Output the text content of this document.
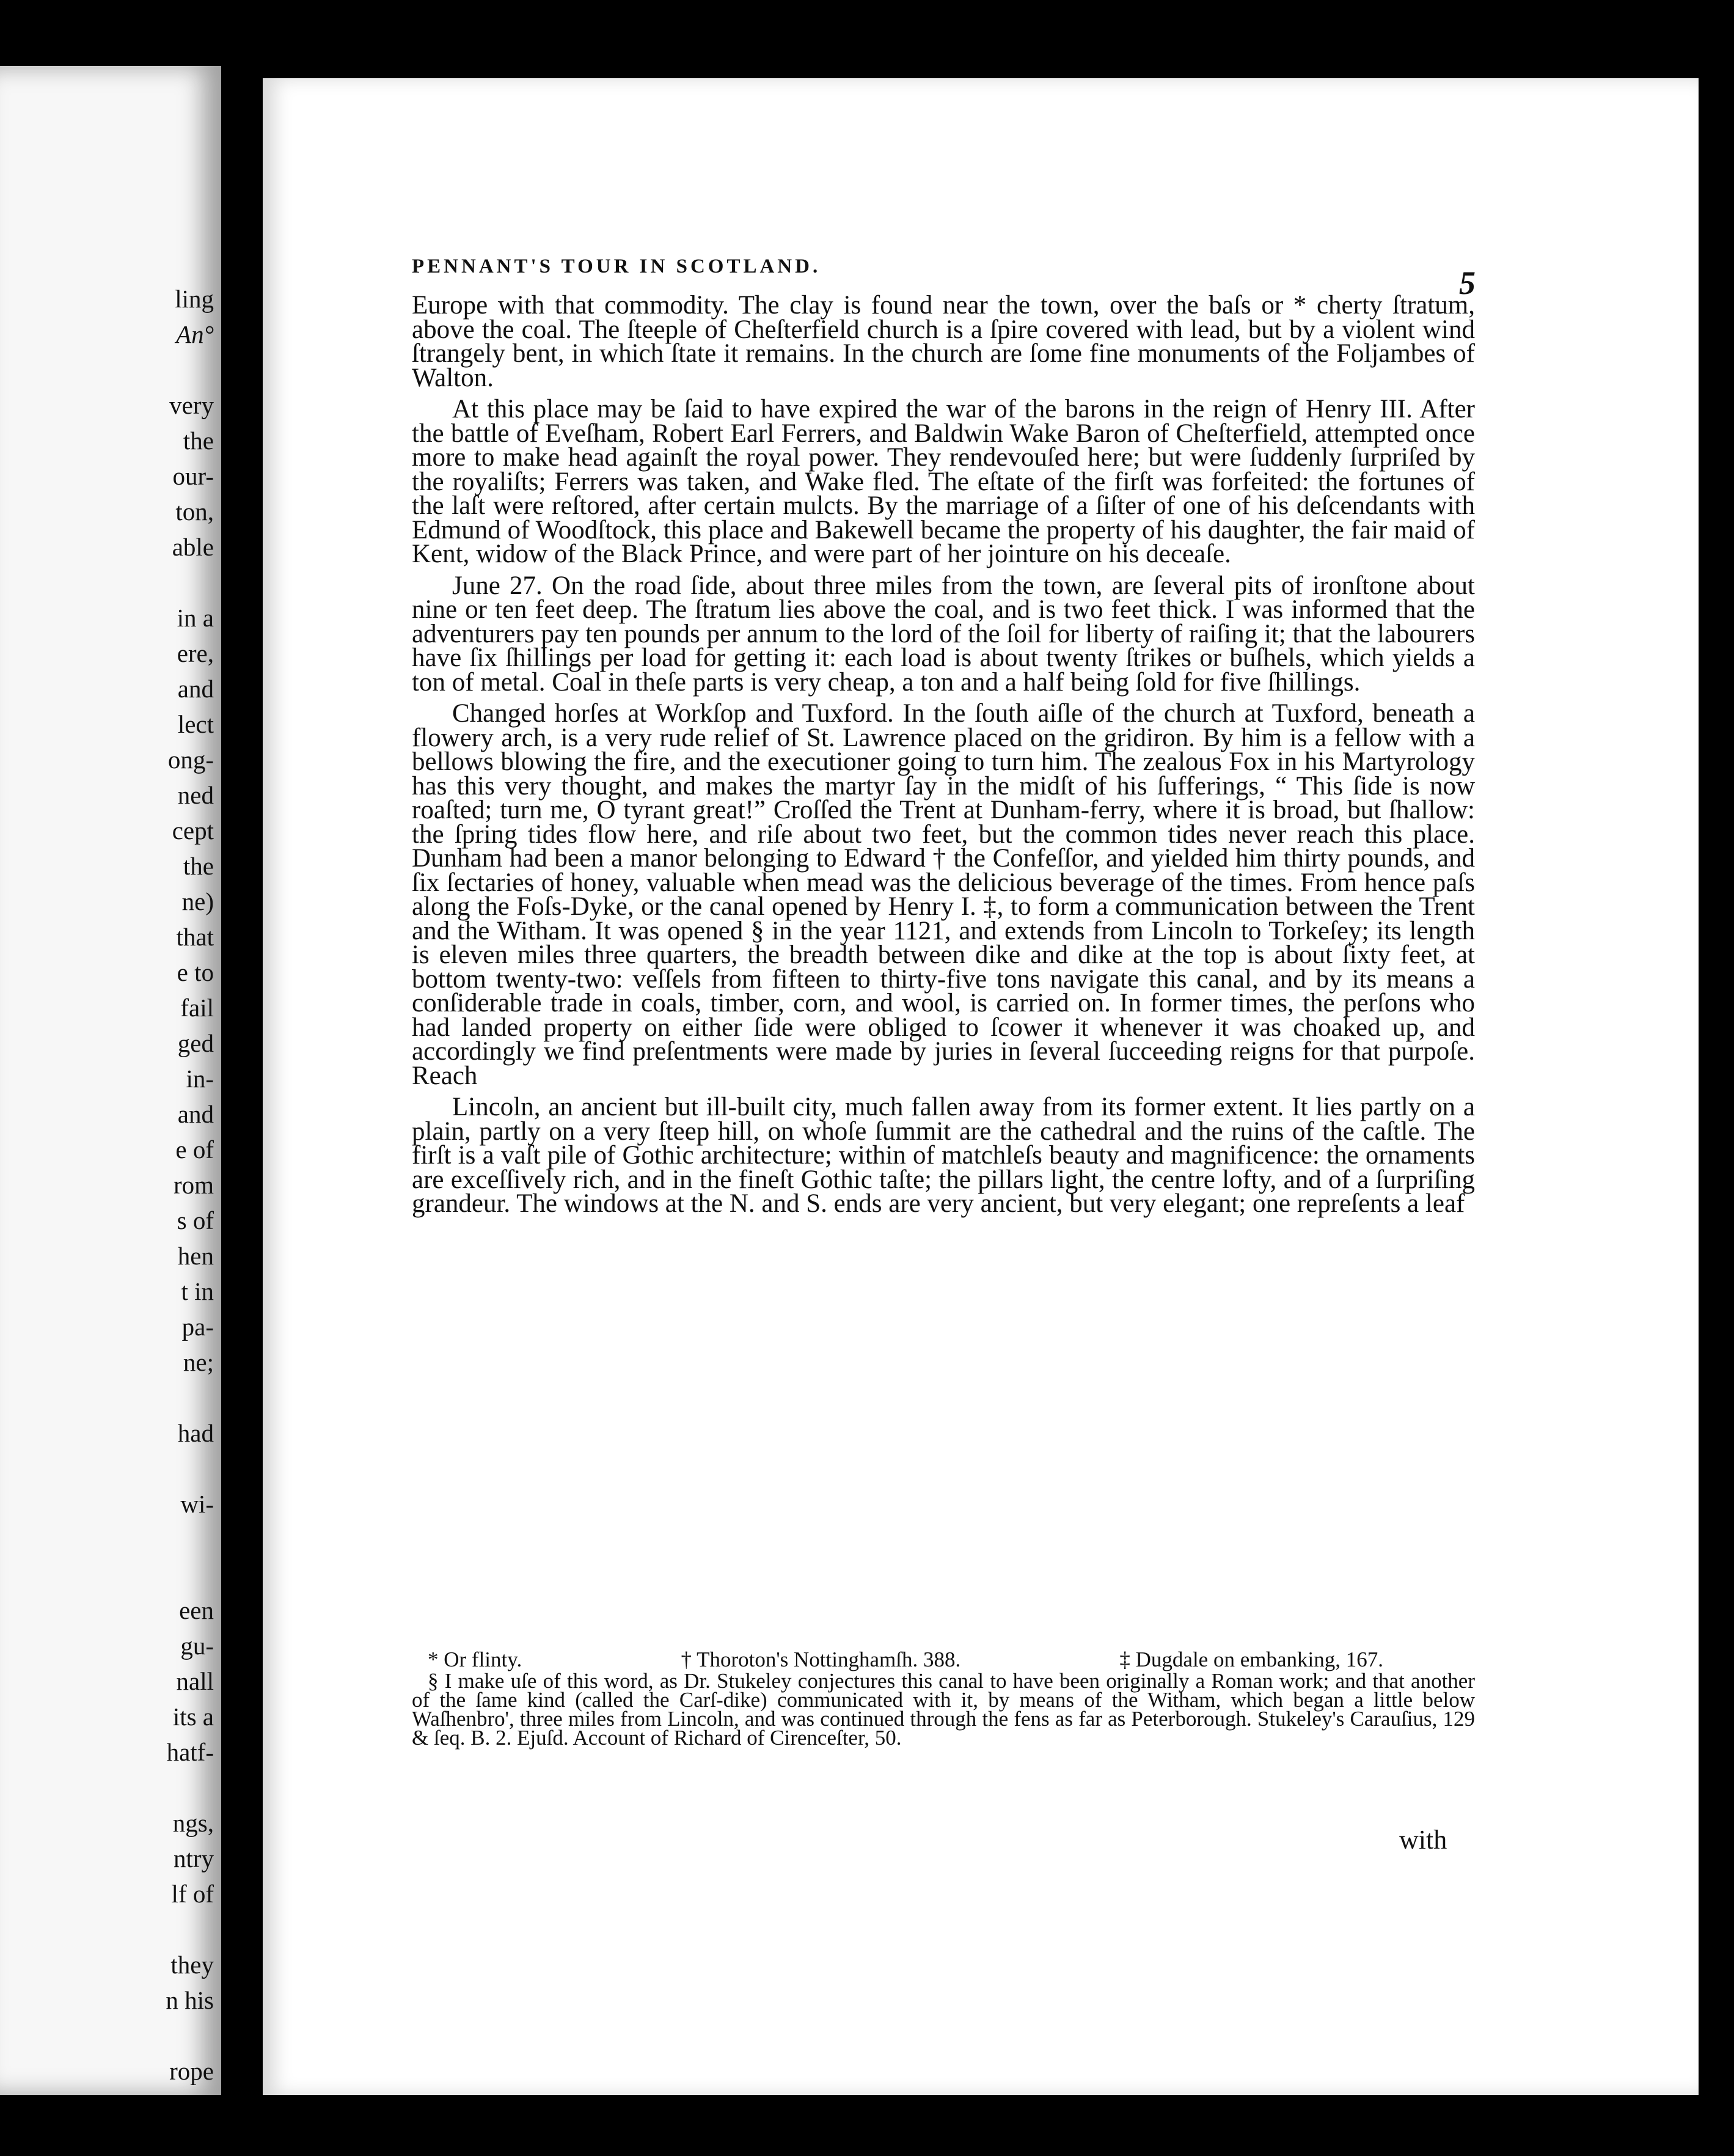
ling
An°
very
the
our-
ton,
able
in a
ere,
and
lect
ong-
ned
cept
the
ne)
that
e to
fail
ged
in-
and
e of
rom
s of
hen
t in
pa-
ne;
had
wi-
een
gu-
nall
its a
hatf-
ngs,
ntry
lf of
they
n his
rope
PENNANT'S TOUR IN SCOTLAND.	5

Europe with that commodity. The clay is found near the town, over the baſs or * cherty ſtratum, above the coal. The ſteeple of Cheſterfield church is a ſpire covered with lead, but by a violent wind ſtrangely bent, in which ſtate it remains. In the church are ſome fine monuments of the Foljambes of Walton.

At this place may be ſaid to have expired the war of the barons in the reign of Henry III. After the battle of Eveſham, Robert Earl Ferrers, and Baldwin Wake Baron of Cheſterfield, attempted once more to make head againſt the royal power. They rendevouſed here; but were ſuddenly ſurpriſed by the royaliſts; Ferrers was taken, and Wake fled. The eſtate of the firſt was forfeited: the fortunes of the laſt were reſtored, after certain mulcts. By the marriage of a ſiſter of one of his deſcendants with Edmund of Woodſtock, this place and Bakewell became the property of his daughter, the fair maid of Kent, widow of the Black Prince, and were part of her jointure on his deceaſe.

June 27. On the road ſide, about three miles from the town, are ſeveral pits of ironſtone about nine or ten feet deep. The ſtratum lies above the coal, and is two feet thick. I was informed that the adventurers pay ten pounds per annum to the lord of the ſoil for liberty of raiſing it; that the labourers have ſix ſhillings per load for getting it: each load is about twenty ſtrikes or buſhels, which yields a ton of metal. Coal in theſe parts is very cheap, a ton and a half being ſold for five ſhillings.

Changed horſes at Workſop and Tuxford. In the ſouth aiſle of the church at Tuxford, beneath a flowery arch, is a very rude relief of St. Lawrence placed on the gridiron. By him is a fellow with a bellows blowing the fire, and the executioner going to turn him. The zealous Fox in his Martyrology has this very thought, and makes the martyr ſay in the midſt of his ſufferings, “ This ſide is now roaſted; turn me, O tyrant great!” Croſſed the Trent at Dunham-ferry, where it is broad, but ſhallow: the ſpring tides flow here, and riſe about two feet, but the common tides never reach this place. Dunham had been a manor belonging to Edward † the Confeſſor, and yielded him thirty pounds, and ſix ſectaries of honey, valuable when mead was the delicious beverage of the times. From hence paſs along the Foſs-Dyke, or the canal opened by Henry I. ‡, to form a communication between the Trent and the Witham. It was opened § in the year 1121, and extends from Lincoln to Torkeſey; its length is eleven miles three quarters, the breadth between dike and dike at the top is about ſixty feet, at bottom twenty-two: veſſels from fifteen to thirty-five tons navigate this canal, and by its means a conſiderable trade in coals, timber, corn, and wool, is carried on. In former times, the perſons who had landed property on either ſide were obliged to ſcower it whenever it was choaked up, and accordingly we find preſentments were made by juries in ſeveral ſucceeding reigns for that purpoſe. Reach

Lincoln, an ancient but ill-built city, much fallen away from its former extent. It lies partly on a plain, partly on a very ſteep hill, on whoſe ſummit are the cathedral and the ruins of the caſtle. The firſt is a vaſt pile of Gothic architecture; within of matchleſs beauty and magnificence: the ornaments are exceſſively rich, and in the fineſt Gothic taſte; the pillars light, the centre lofty, and of a ſurpriſing grandeur. The windows at the N. and S. ends are very ancient, but very elegant; one repreſents a leaf

* Or flinty.	† Thoroton's Nottinghamſh. 388.	‡ Dugdale on embanking, 167.
§ I make uſe of this word, as Dr. Stukeley conjectures this canal to have been originally a Roman work; and that another of the ſame kind (called the Carſ-dike) communicated with it, by means of the Witham, which began a little below Waſhenbro', three miles from Lincoln, and was continued through the fens as far as Peterborough. Stukeley's Carauſius, 129 & ſeq. B. 2. Ejuſd. Account of Richard of Cirenceſter, 50.
with
